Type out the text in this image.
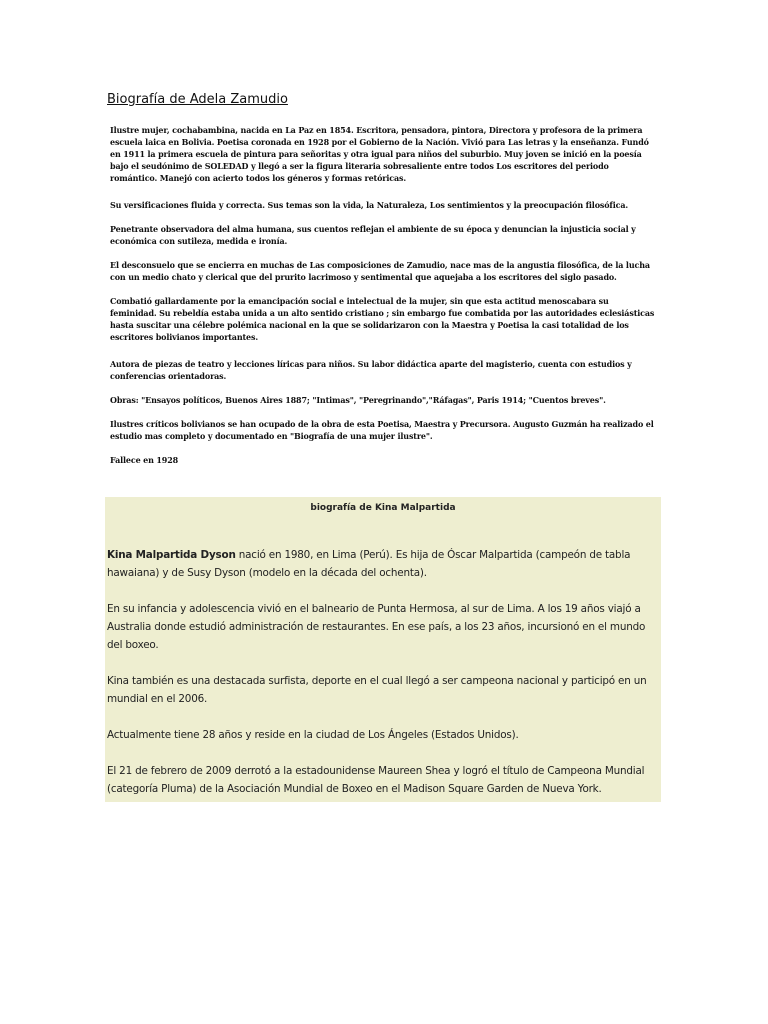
Biografía de Adela Zamudio

Ilustre mujer, cochabambina, nacida en La Paz en 1854. Escritora, pensadora, pintora, Directora y profesora de la primera escuela laica en Bolivia. Poetisa coronada en 1928 por el Gobierno de la Nación. Vivió para Las letras y la enseñanza. Fundó en 1911 la primera escuela de pintura para señoritas y otra igual para niños del suburbio. Muy joven se inició en la poesía bajo el seudónimo de SOLEDAD y llegó a ser la figura literaria sobresaliente entre todos Los escritores del periodo romántico. Manejó con acierto todos los géneros y formas retóricas.

Su versificaciones fluida y correcta. Sus temas son la vida, la Naturaleza, Los sentimientos y la preocupación filosófica.

Penetrante observadora del alma humana, sus cuentos reflejan el ambiente de su época y denuncian la injusticia social y económica con sutileza, medida e ironía.

El desconsuelo que se encierra en muchas de Las composiciones de Zamudio, nace mas de la angustia filosófica, de la lucha con un medio chato y clerical que del prurito lacrimoso y sentimental que aquejaba a los escritores del siglo pasado.

Combatió gallardamente por la emancipación social e intelectual de la mujer, sin que esta actitud menoscabara su feminidad. Su rebeldía estaba unida a un alto sentido cristiano ; sin embargo fue combatida por las autoridades eclesiásticas hasta suscitar una célebre polémica nacional en la que se solidarizaron con la Maestra y Poetisa la casi totalidad de los escritores bolivianos importantes.

Autora de piezas de teatro y lecciones líricas para niños. Su labor didáctica aparte del magisterio, cuenta con estudios y conferencias orientadoras.

Obras: "Ensayos políticos, Buenos Aires 1887; "Intimas", "Peregrinando","Ráfagas", Paris 1914; "Cuentos breves".

Ilustres críticos bolivianos se han ocupado de la obra de esta Poetisa, Maestra y Precursora. Augusto Guzmán ha realizado el estudio mas completo y documentado en "Biografía de una mujer ilustre".

Fallece en 1928

biografía de Kina Malpartida

Kina Malpartida Dyson nació en 1980, en Lima (Perú). Es hija de Óscar Malpartida (campeón de tabla hawaiana) y de Susy Dyson (modelo en la década del ochenta).

En su infancia y adolescencia vivió en el balneario de Punta Hermosa, al sur de Lima. A los 19 años viajó a Australia donde estudió administración de restaurantes. En ese país, a los 23 años, incursionó en el mundo del boxeo.

Kina también es una destacada surfista, deporte en el cual llegó a ser campeona nacional y participó en un mundial en el 2006.

Actualmente tiene 28 años y reside en la ciudad de Los Ángeles (Estados Unidos).

El 21 de febrero de 2009 derrotó a la estadounidense Maureen Shea y logró el título de Campeona Mundial (categoría Pluma) de la Asociación Mundial de Boxeo en el Madison Square Garden de Nueva York.
